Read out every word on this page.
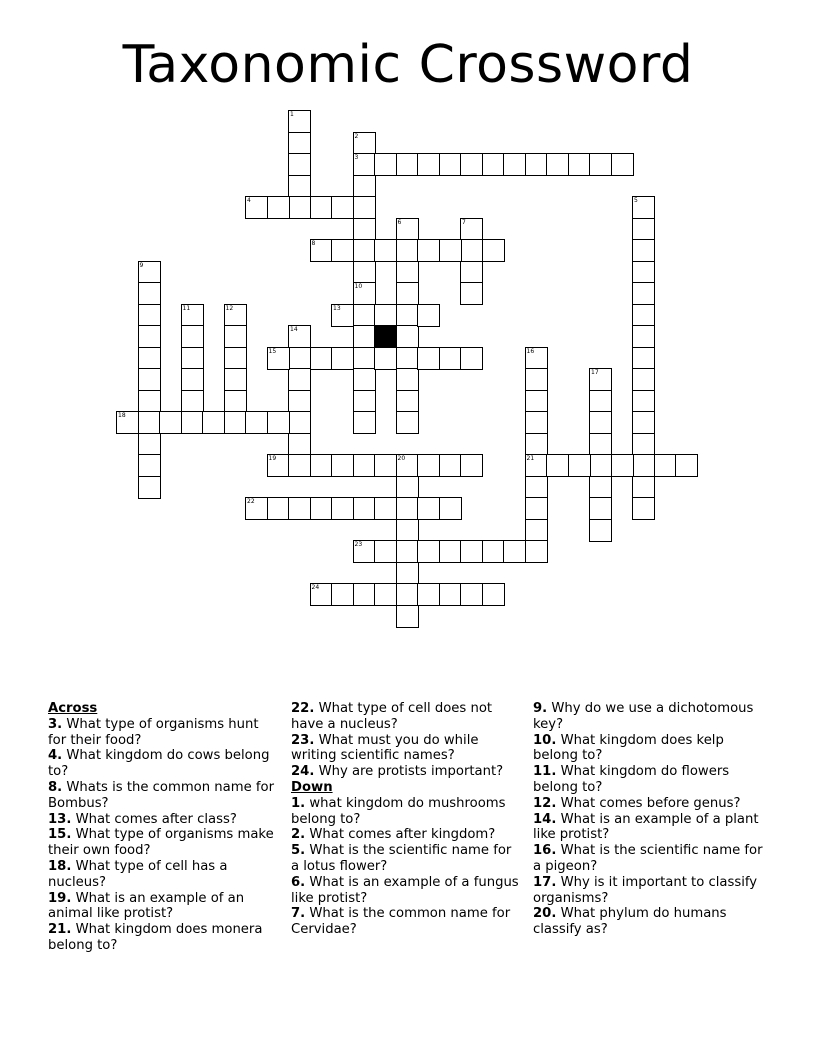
Taxonomic Crossword
1
2
3
10
5
6	7
9
11	12
14
16
21
17
20
4
8
13
15
18
19
22
23
24
Across
3. What type of organisms hunt for their food?
4. What kingdom do cows belong to?
8. Whats is the common name for Bombus?
13. What comes after class?
15. What type of organisms make their own food?
18. What type of cell has a nucleus?
19. What is an example of an animal like protist?
21. What kingdom does monera belong to?
22. What type of cell does not have a nucleus?
23. What must you do while writing scientific names?
24. Why are protists important?
Down
1. what kingdom do mushrooms belong to?
2. What comes after kingdom?
5. What is the scientific name for a lotus flower?
6. What is an example of a fungus like protist?
7. What is the common name for Cervidae?
9. Why do we use a dichotomous key?
10. What kingdom does kelp belong to?
11. What kingdom do flowers belong to?
12. What comes before genus?
14. What is an example of a plant like protist?
16. What is the scientific name for a pigeon?
17. Why is it important to classify organisms?
20. What phylum do humans classify as?
